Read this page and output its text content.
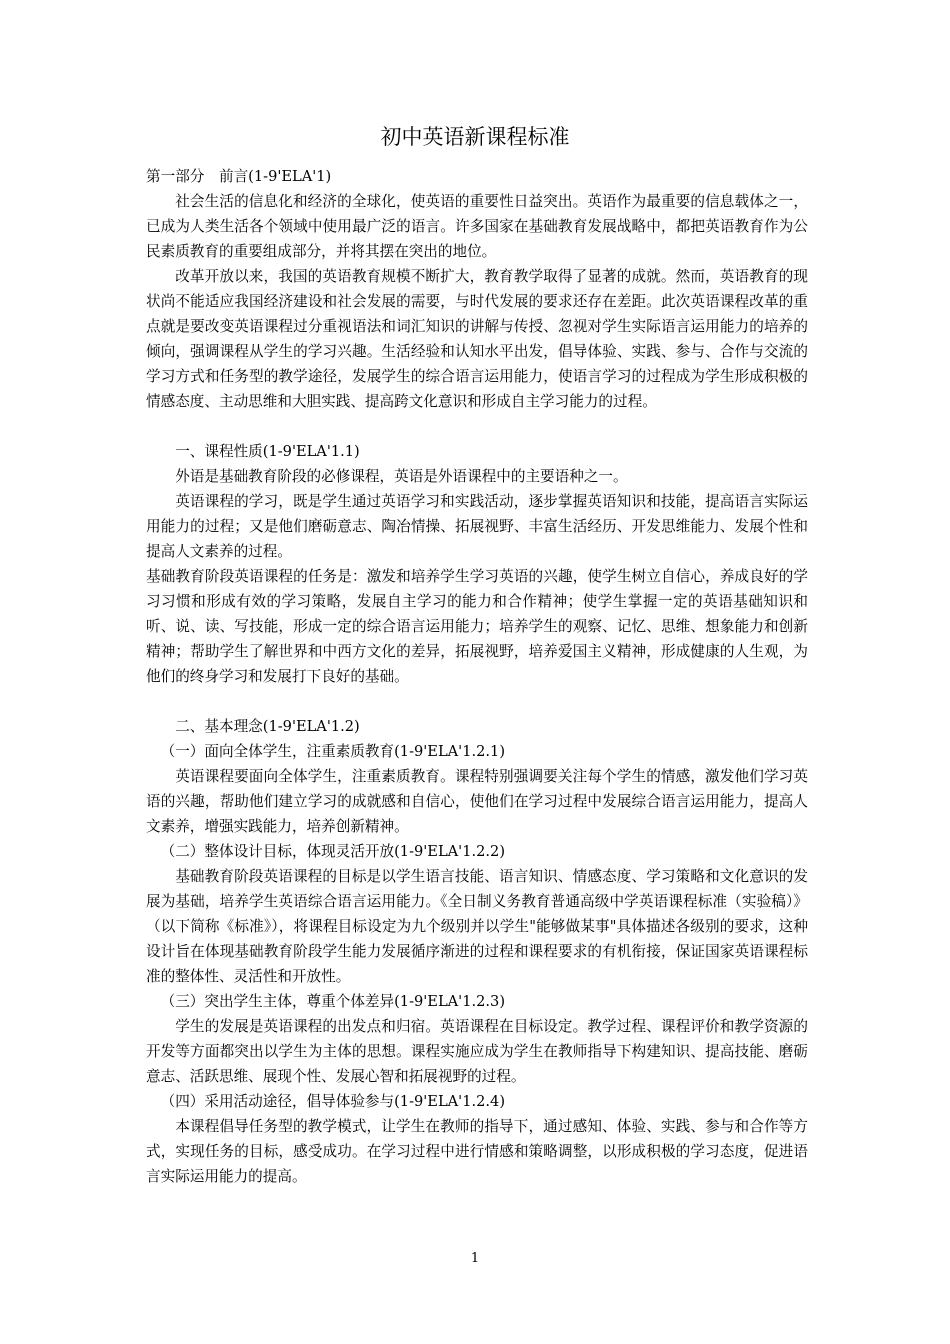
初中英语新课程标准

第一部分　前言(1-9'ELA'1)

社会生活的信息化和经济的全球化，使英语的重要性日益突出。英语作为最重要的信息载体之一，已成为人类生活各个领域中使用最广泛的语言。许多国家在基础教育发展战略中，都把英语教育作为公民素质教育的重要组成部分，并将其摆在突出的地位。

改革开放以来，我国的英语教育规模不断扩大，教育教学取得了显著的成就。然而，英语教育的现状尚不能适应我国经济建设和社会发展的需要，与时代发展的要求还存在差距。此次英语课程改革的重点就是要改变英语课程过分重视语法和词汇知识的讲解与传授、忽视对学生实际语言运用能力的培养的倾向，强调课程从学生的学习兴趣。生活经验和认知水平出发，倡导体验、实践、参与、合作与交流的学习方式和任务型的教学途径，发展学生的综合语言运用能力，使语言学习的过程成为学生形成积极的情感态度、主动思维和大胆实践、提高跨文化意识和形成自主学习能力的过程。

一、课程性质(1-9'ELA'1.1)

外语是基础教育阶段的必修课程，英语是外语课程中的主要语种之一。

英语课程的学习，既是学生通过英语学习和实践活动，逐步掌握英语知识和技能，提高语言实际运用能力的过程；又是他们磨砺意志、陶冶情操、拓展视野、丰富生活经历、开发思维能力、发展个性和提高人文素养的过程。

基础教育阶段英语课程的任务是：激发和培养学生学习英语的兴趣，使学生树立自信心，养成良好的学习习惯和形成有效的学习策略，发展自主学习的能力和合作精神；使学生掌握一定的英语基础知识和听、说、读、写技能，形成一定的综合语言运用能力；培养学生的观察、记忆、思维、想象能力和创新精神；帮助学生了解世界和中西方文化的差异，拓展视野，培养爱国主义精神，形成健康的人生观，为他们的终身学习和发展打下良好的基础。

二、基本理念(1-9'ELA'1.2)

（一）面向全体学生，注重素质教育(1-9'ELA'1.2.1)

英语课程要面向全体学生，注重素质教育。课程特别强调要关注每个学生的情感，激发他们学习英语的兴趣，帮助他们建立学习的成就感和自信心，使他们在学习过程中发展综合语言运用能力，提高人文素养，增强实践能力，培养创新精神。

（二）整体设计目标，体现灵活开放(1-9'ELA'1.2.2)

基础教育阶段英语课程的目标是以学生语言技能、语言知识、情感态度、学习策略和文化意识的发展为基础，培养学生英语综合语言运用能力。《全日制义务教育普通高级中学英语课程标准（实验稿）》（以下简称《标准》），将课程目标设定为九个级别并以学生"能够做某事"具体描述各级别的要求，这种设计旨在体现基础教育阶段学生能力发展循序渐进的过程和课程要求的有机衔接，保证国家英语课程标准的整体性、灵活性和开放性。

（三）突出学生主体，尊重个体差异(1-9'ELA'1.2.3)

学生的发展是英语课程的出发点和归宿。英语课程在目标设定。教学过程、课程评价和教学资源的开发等方面都突出以学生为主体的思想。课程实施应成为学生在教师指导下构建知识、提高技能、磨砺意志、活跃思维、展现个性、发展心智和拓展视野的过程。

（四）采用活动途径，倡导体验参与(1-9'ELA'1.2.4)

本课程倡导任务型的教学模式，让学生在教师的指导下，通过感知、体验、实践、参与和合作等方式，实现任务的目标，感受成功。在学习过程中进行情感和策略调整，以形成积极的学习态度，促进语言实际运用能力的提高。

1
